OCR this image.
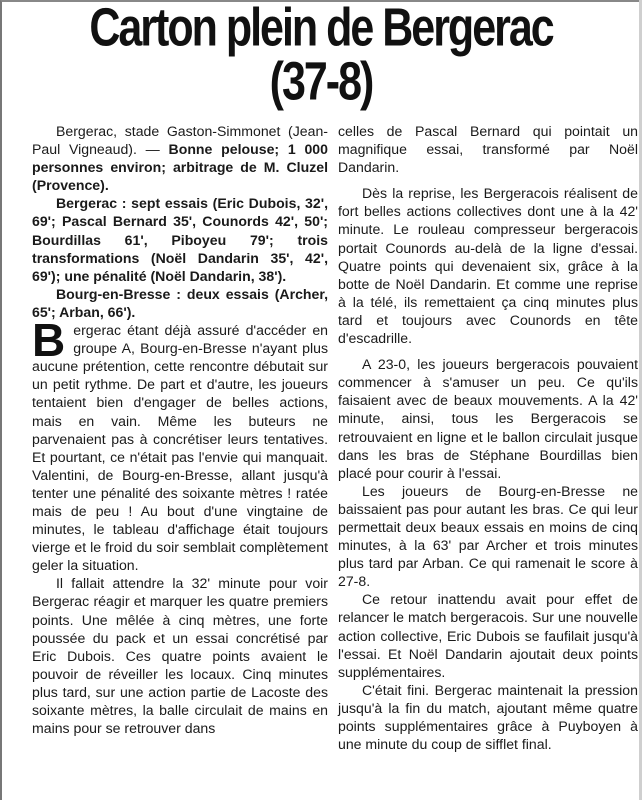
Carton plein de Bergerac
(37-8)

Bergerac, stade Gaston-Simmonet (Jean-Paul Vigneaud). — Bonne pelouse; 1 000 personnes environ; arbitrage de M. Cluzel (Provence).

Bergerac : sept essais (Eric Dubois, 32', 69'; Pascal Bernard 35', Counords 42', 50'; Bourdillas 61', Piboyeu 79'; trois transformations (Noël Dandarin 35', 42', 69'); une pénalité (Noël Dandarin, 38').

Bourg-en-Bresse : deux essais (Archer, 65'; Arban, 66').

Bergerac étant déjà assuré d'accéder en groupe A, Bourg-en-Bresse n'ayant plus aucune prétention, cette rencontre débutait sur un petit rythme. De part et d'autre, les joueurs tentaient bien d'engager de belles actions, mais en vain. Même les buteurs ne parvenaient pas à concrétiser leurs tentatives. Et pourtant, ce n'était pas l'envie qui manquait. Valentini, de Bourg-en-Bresse, allant jusqu'à tenter une pénalité des soixante mètres ! ratée mais de peu ! Au bout d'une vingtaine de minutes, le tableau d'affichage était toujours vierge et le froid du soir semblait complètement geler la situation.

Il fallait attendre la 32' minute pour voir Bergerac réagir et marquer les quatre premiers points. Une mêlée à cinq mètres, une forte poussée du pack et un essai concrétisé par Eric Dubois. Ces quatre points avaient le pouvoir de réveiller les locaux. Cinq minutes plus tard, sur une action partie de Lacoste des soixante mètres, la balle circulait de mains en mains pour se retrouver dans

celles de Pascal Bernard qui pointait un magnifique essai, transformé par Noël Dandarin.

Dès la reprise, les Bergeracois réalisent de fort belles actions collectives dont une à la 42' minute. Le rouleau compresseur bergeracois portait Counords au-delà de la ligne d'essai. Quatre points qui devenaient six, grâce à la botte de Noël Dandarin. Et comme une reprise à la télé, ils remettaient ça cinq minutes plus tard et toujours avec Counords en tête d'escadrille.

A 23-0, les joueurs bergeracois pouvaient commencer à s'amuser un peu. Ce qu'ils faisaient avec de beaux mouvements. A la 42' minute, ainsi, tous les Bergeracois se retrouvaient en ligne et le ballon circulait jusque dans les bras de Stéphane Bourdillas bien placé pour courir à l'essai.

Les joueurs de Bourg-en-Bresse ne baissaient pas pour autant les bras. Ce qui leur permettait deux beaux essais en moins de cinq minutes, à la 63' par Archer et trois minutes plus tard par Arban. Ce qui ramenait le score à 27-8.

Ce retour inattendu avait pour effet de relancer le match bergeracois. Sur une nouvelle action collective, Eric Dubois se faufilait jusqu'à l'essai. Et Noël Dandarin ajoutait deux points supplémentaires.

C'était fini. Bergerac maintenait la pression jusqu'à la fin du match, ajoutant même quatre points supplémentaires grâce à Puyboyen à une minute du coup de sifflet final.
